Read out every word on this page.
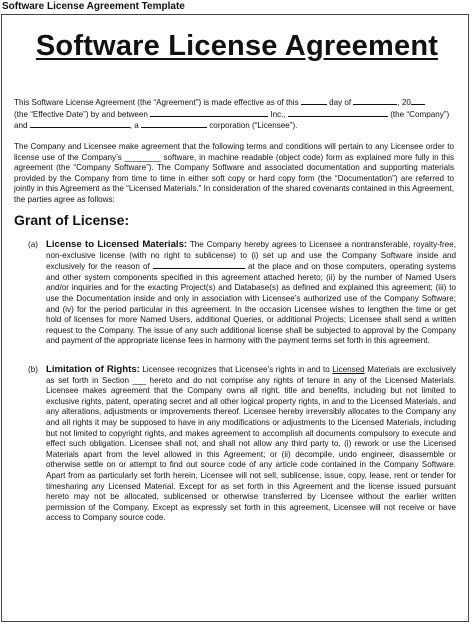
Software License Agreement Template
Software License Agreement
This Software License Agreement (the “Agreement”) is made effective as of this	day of	, 20
(the “Effective Date”) by and between	Inc.,	(the “Company”)
and	, a	corporation (“Licensee”).
The Company and Licensee make agreement that the following terms and conditions will pertain to any Licensee order to license use of the Company’s ________ software, in machine readable (object code) form as explained more fully in this agreement (the “Company Software”). The Company Software and associated documentation and supporting materials provided by the Company from time to time in either soft copy or hard copy form (the “Documentation”) are referred to jointly in this Agreement as the “Licensed Materials.” In consideration of the shared covenants contained in this Agreement, the parties agree as follows:
Grant of License:
(a) License to Licensed Materials: The Company hereby agrees to Licensee a nontransferable, royalty-free, non-exclusive license (with no right to sublicense) to (i) set up and use the Company Software inside and exclusively for the reason of	at the place and on those computers, operating systems and other system components specified in this agreement attached hereto; (ii) by the number of Named Users and/or inquiries and for the exacting Project(s) and Database(s) as defined and explained this agreement; (iii) to use the Documentation inside and only in association with Licensee’s authorized use of the Company Software; and (iv) for the period particular in this agreement. In the occasion Licensee wishes to lengthen the time or get hold of licenses for more Named Users, additional Queries, or additional Projects; Licensee shall send a written request to the Company. The issue of any such additional license shall be subjected to approval by the Company and payment of the appropriate license fees in harmony with the payment terms set forth in this agreement.
(b) Limitation of Rights: Licensee recognizes that Licensee’s rights in and to Licensed Materials are exclusively as set forth in Section ___ hereto and do not comprise any rights of tenure in any of the Licensed Materials. Licensee makes agreement that the Company owns all right, title and benefits, including but not limited to exclusive rights, patent, operating secret and all other logical property rights, in and to the Licensed Materials, and any alterations, adjustments or improvements thereof. Licensee hereby irreversibly allocates to the Company any and all rights it may be supposed to have in any modifications or adjustments to the Licensed Materials, including but not limited to copyright rights, and makes agreement to accomplish all documents compulsory to execute and effect such obligation. Licensee shall not, and shall not allow any third party to, (i) rework or use the Licensed Materials apart from the level allowed in this Agreement; or (ii) decompile, undo engineer, disassemble or otherwise settle on or attempt to find out source code of any article code contained in the Company Software. Apart from as particularly set forth herein, Licensee will not sell, sublicense, issue, copy, lease, rent or tender for timesharing any Licensed Material. Except for as set forth in this Agreement and the license issued pursuant hereto may not be allocated, sublicensed or otherwise transferred by Licensee without the earlier written permission of the Company. Except as expressly set forth in this agreement, Licensee will not receive or have access to Company source code.
